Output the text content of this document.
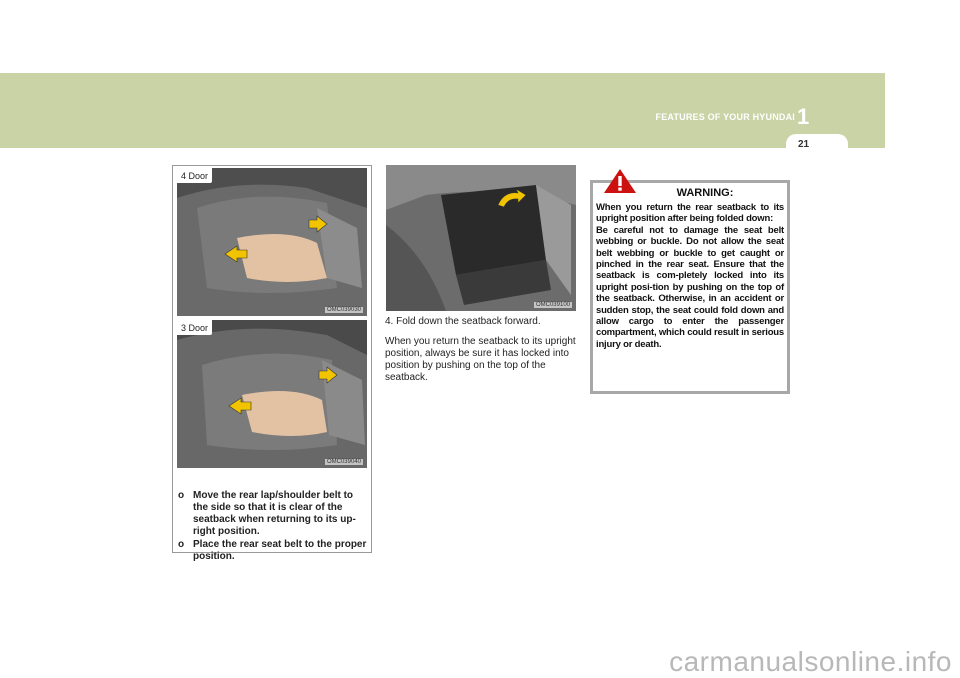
FEATURES OF YOUR HYUNDAI 1
21
4 Door
OMC039030
3 Door
OMC039040
o Move the rear lap/shoulder belt to the side so that it is clear of the seatback when returning to its up-right position.
o Place the rear seat belt to the proper position.
OMC039100

4. Fold down the seatback forward.

When you return the seatback to its upright position, always be sure it has locked into position by pushing on the top of the seatback.

WARNING:

When you return the rear seatback to its upright position after being folded down:
Be careful not to damage the seat belt webbing or buckle. Do not allow the seat belt webbing or buckle to get caught or pinched in the rear seat. Ensure that the seatback is com-pletely locked into its upright posi-tion by pushing on the top of the seatback. Otherwise, in an accident or sudden stop, the seat could fold down and allow cargo to enter the passenger compartment, which could result in serious injury or death.

carmanualsonline.info
